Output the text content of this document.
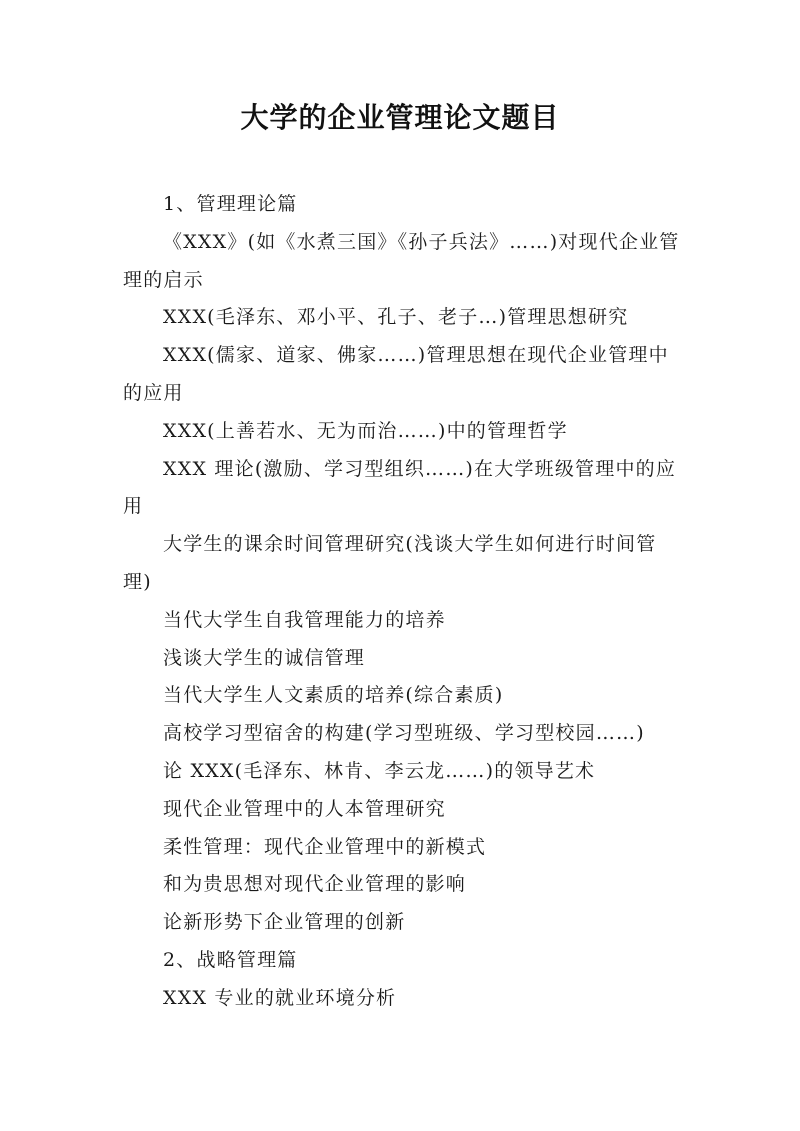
大学的企业管理论文题目

1、管理理论篇

《XXX》(如《水煮三国》《孙子兵法》……)对现代企业管理的启示

XXX(毛泽东、邓小平、孔子、老子…)管理思想研究

XXX(儒家、道家、佛家……)管理思想在现代企业管理中的应用

XXX(上善若水、无为而治……)中的管理哲学

XXX 理论(激励、学习型组织……)在大学班级管理中的应用

大学生的课余时间管理研究(浅谈大学生如何进行时间管理)

当代大学生自我管理能力的培养

浅谈大学生的诚信管理

当代大学生人文素质的培养(综合素质)

高校学习型宿舍的构建(学习型班级、学习型校园……)

论 XXX(毛泽东、林肯、李云龙……)的领导艺术

现代企业管理中的人本管理研究

柔性管理：现代企业管理中的新模式

和为贵思想对现代企业管理的影响

论新形势下企业管理的创新

2、战略管理篇

XXX 专业的就业环境分析
